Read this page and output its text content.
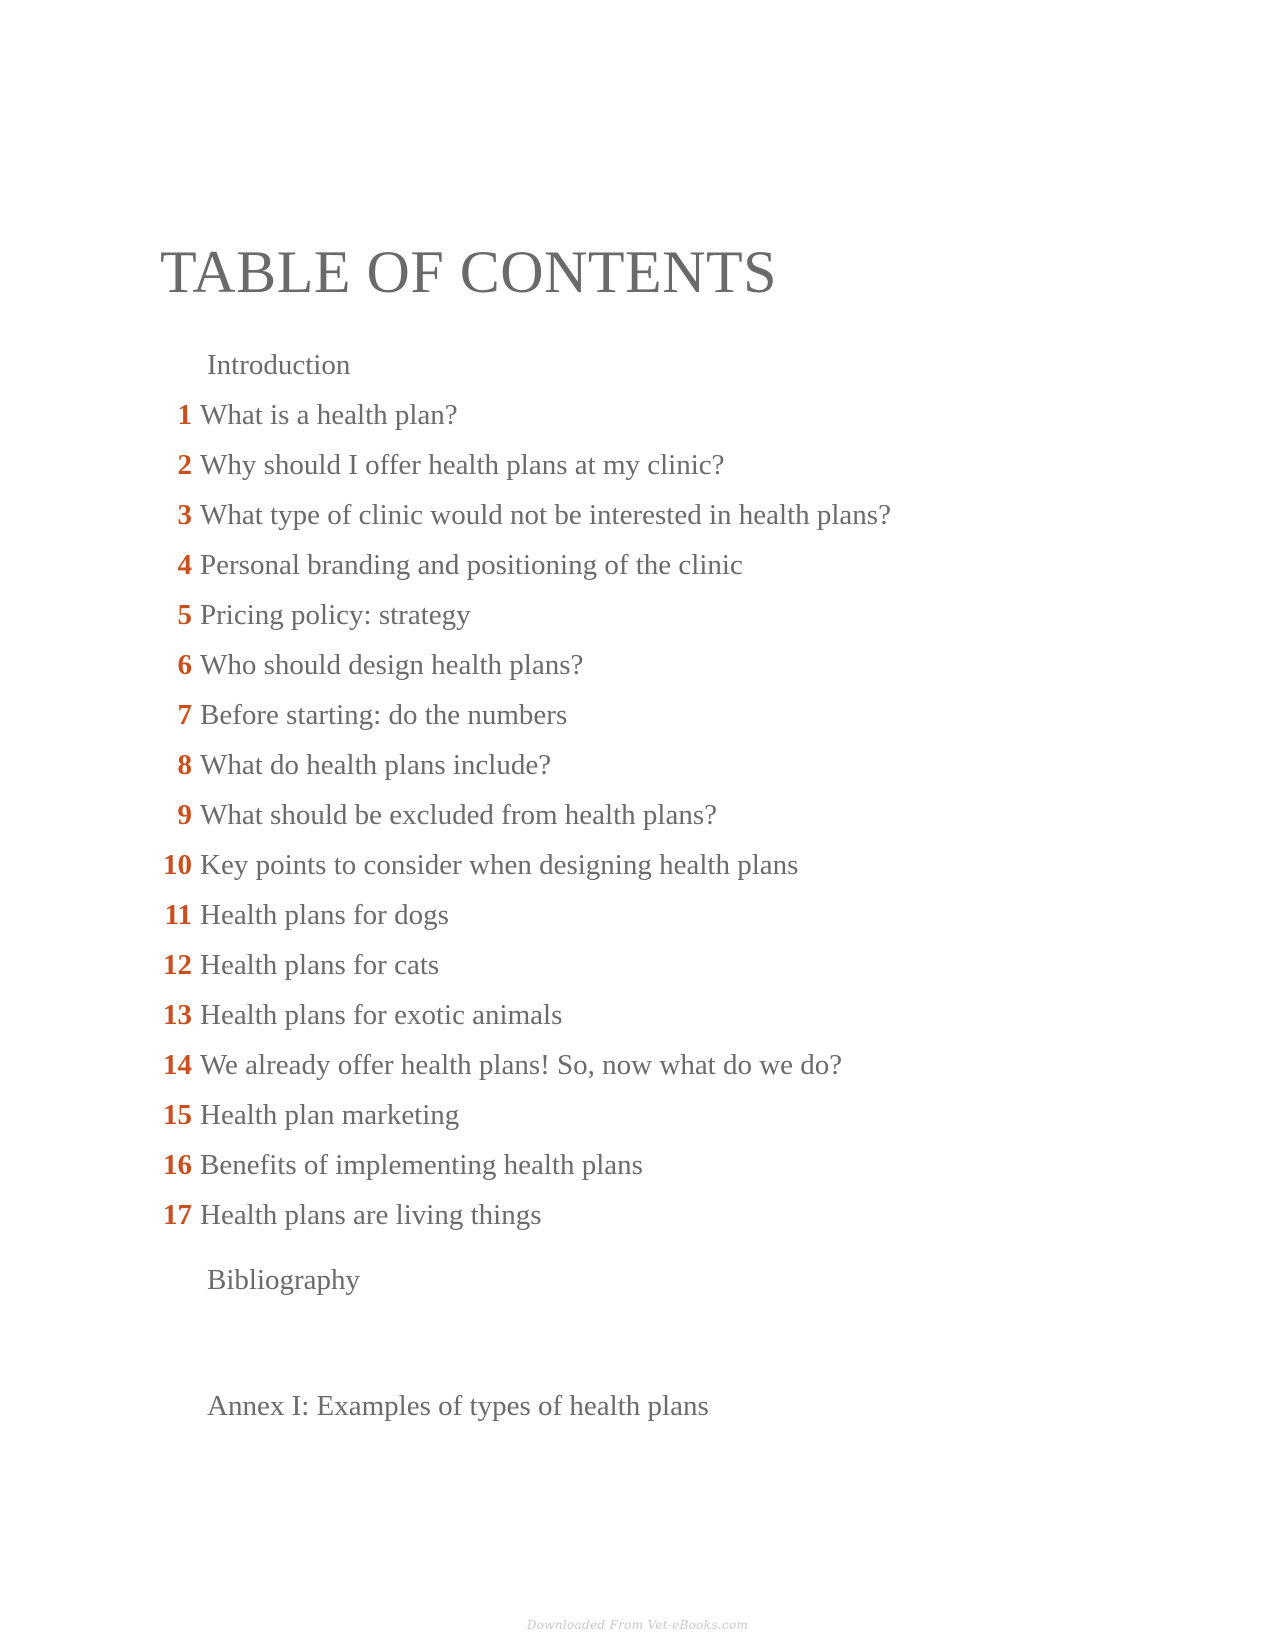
TABLE OF CONTENTS
Introduction
1 What is a health plan?
2 Why should I offer health plans at my clinic?
3 What type of clinic would not be interested in health plans?
4 Personal branding and positioning of the clinic
5 Pricing policy: strategy
6 Who should design health plans?
7 Before starting: do the numbers
8 What do health plans include?
9 What should be excluded from health plans?
10 Key points to consider when designing health plans
11 Health plans for dogs
12 Health plans for cats
13 Health plans for exotic animals
14 We already offer health plans! So, now what do we do?
15 Health plan marketing
16 Benefits of implementing health plans
17 Health plans are living things
Bibliography
Annex I: Examples of types of health plans
Downloaded From Vet-eBooks.com
